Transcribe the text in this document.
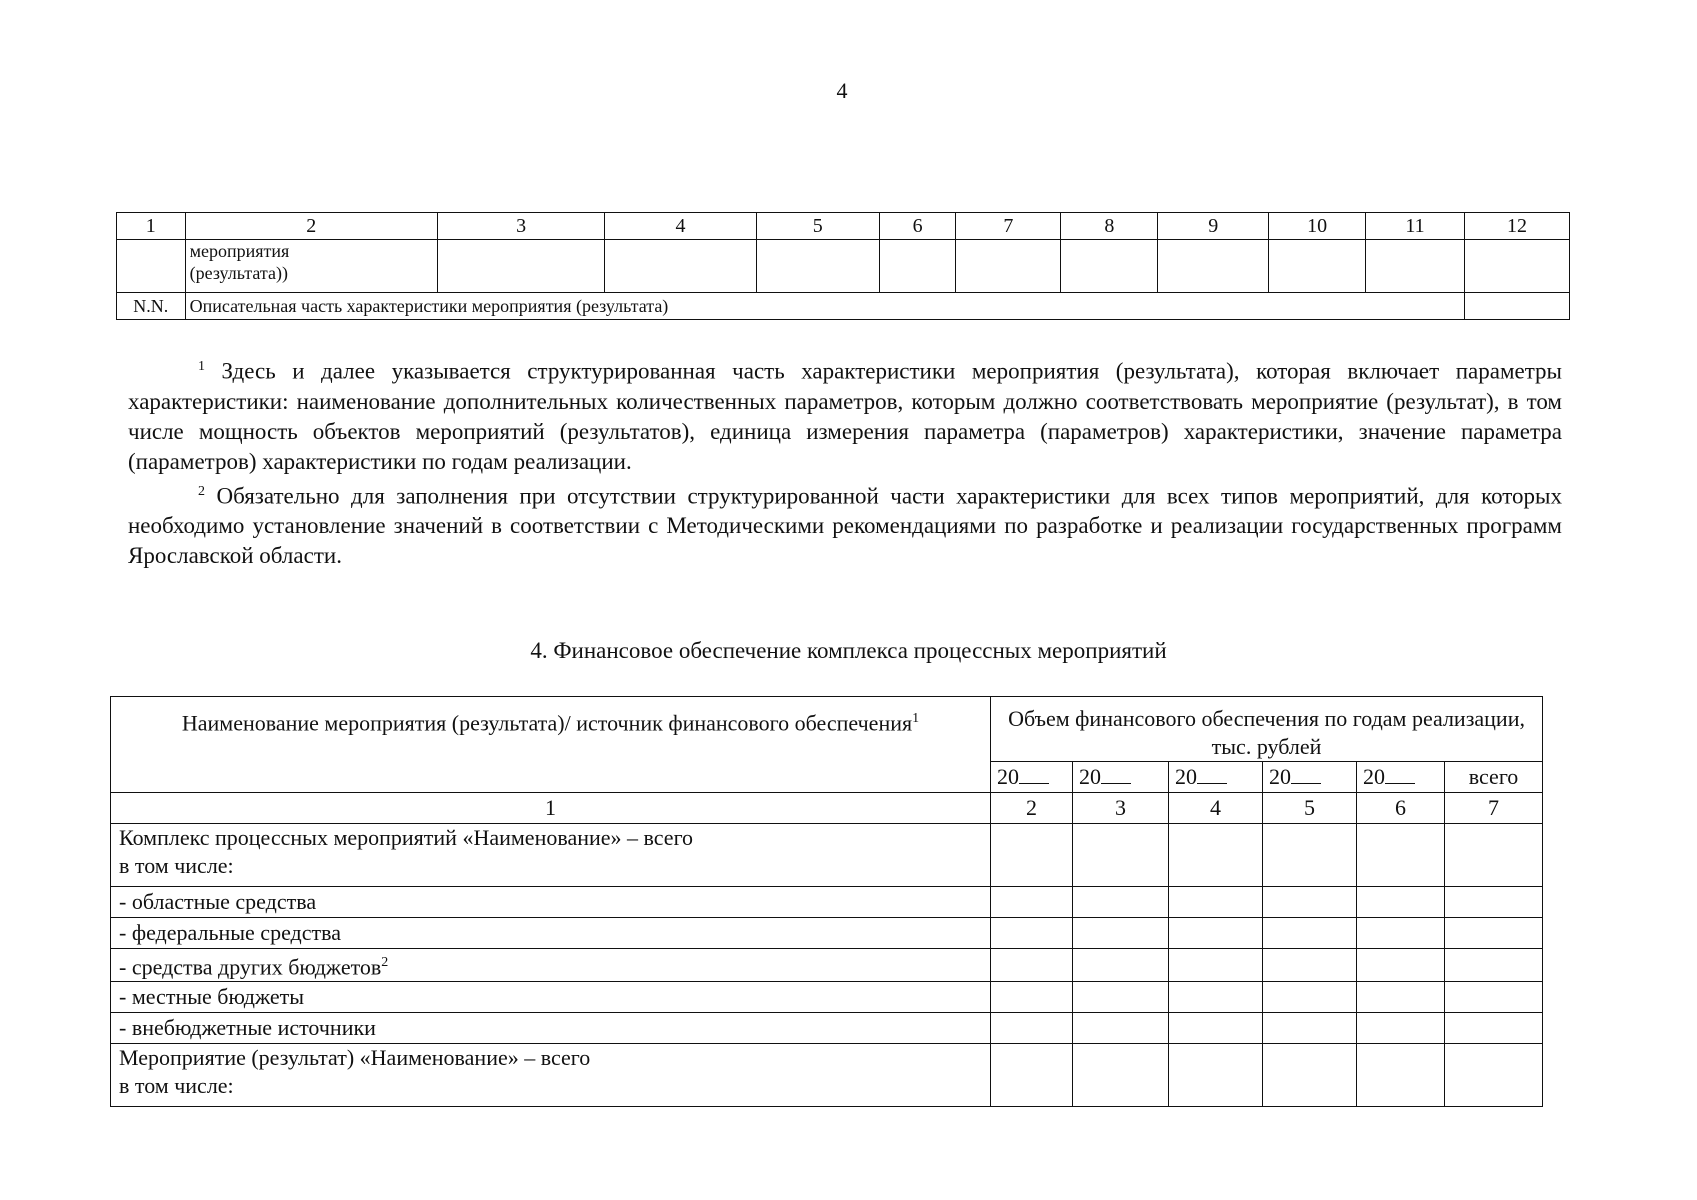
4
1	2	3	4	5	6	7	8	9	10	11	12

	мероприятия
(результата))										

N.N.	Описательная часть характеристики мероприятия (результата)										

$^1$ Здесь и далее указывается структурированная часть характеристики мероприятия (результата), которая включает параметры характеристики: наименование дополнительных количественных параметров, которым должно соответствовать мероприятие (результат), в том числе мощность объектов мероприятий (результатов), единица измерения параметра (параметров) характеристики, значение параметра (параметров) характеристики по годам реализации.

$^2$ Обязательно для заполнения при отсутствии структурированной части характеристики для всех типов мероприятий, для которых необходимо установление значений в соответствии с Методическими рекомендациями по разработке и реализации государственных программ Ярославской области.

4. Финансовое обеспечение комплекса процессных мероприятий
Наименование мероприятия (результата)/ источник финансового обеспечения$^1$	Объем финансового обеспечения по годам реализации, тыс. рублей					
	20	20	20	20	20	всего
1	2	3	4	5	6	7

Комплекс процессных мероприятий «Наименование» – всего
в том числе:						

- областные средства						
- федеральные средства						
- средства других бюджетов$^2$						
- местные бюджеты						
- внебюджетные источники						

Мероприятие (результат) «Наименование» – всего
в том числе:						
